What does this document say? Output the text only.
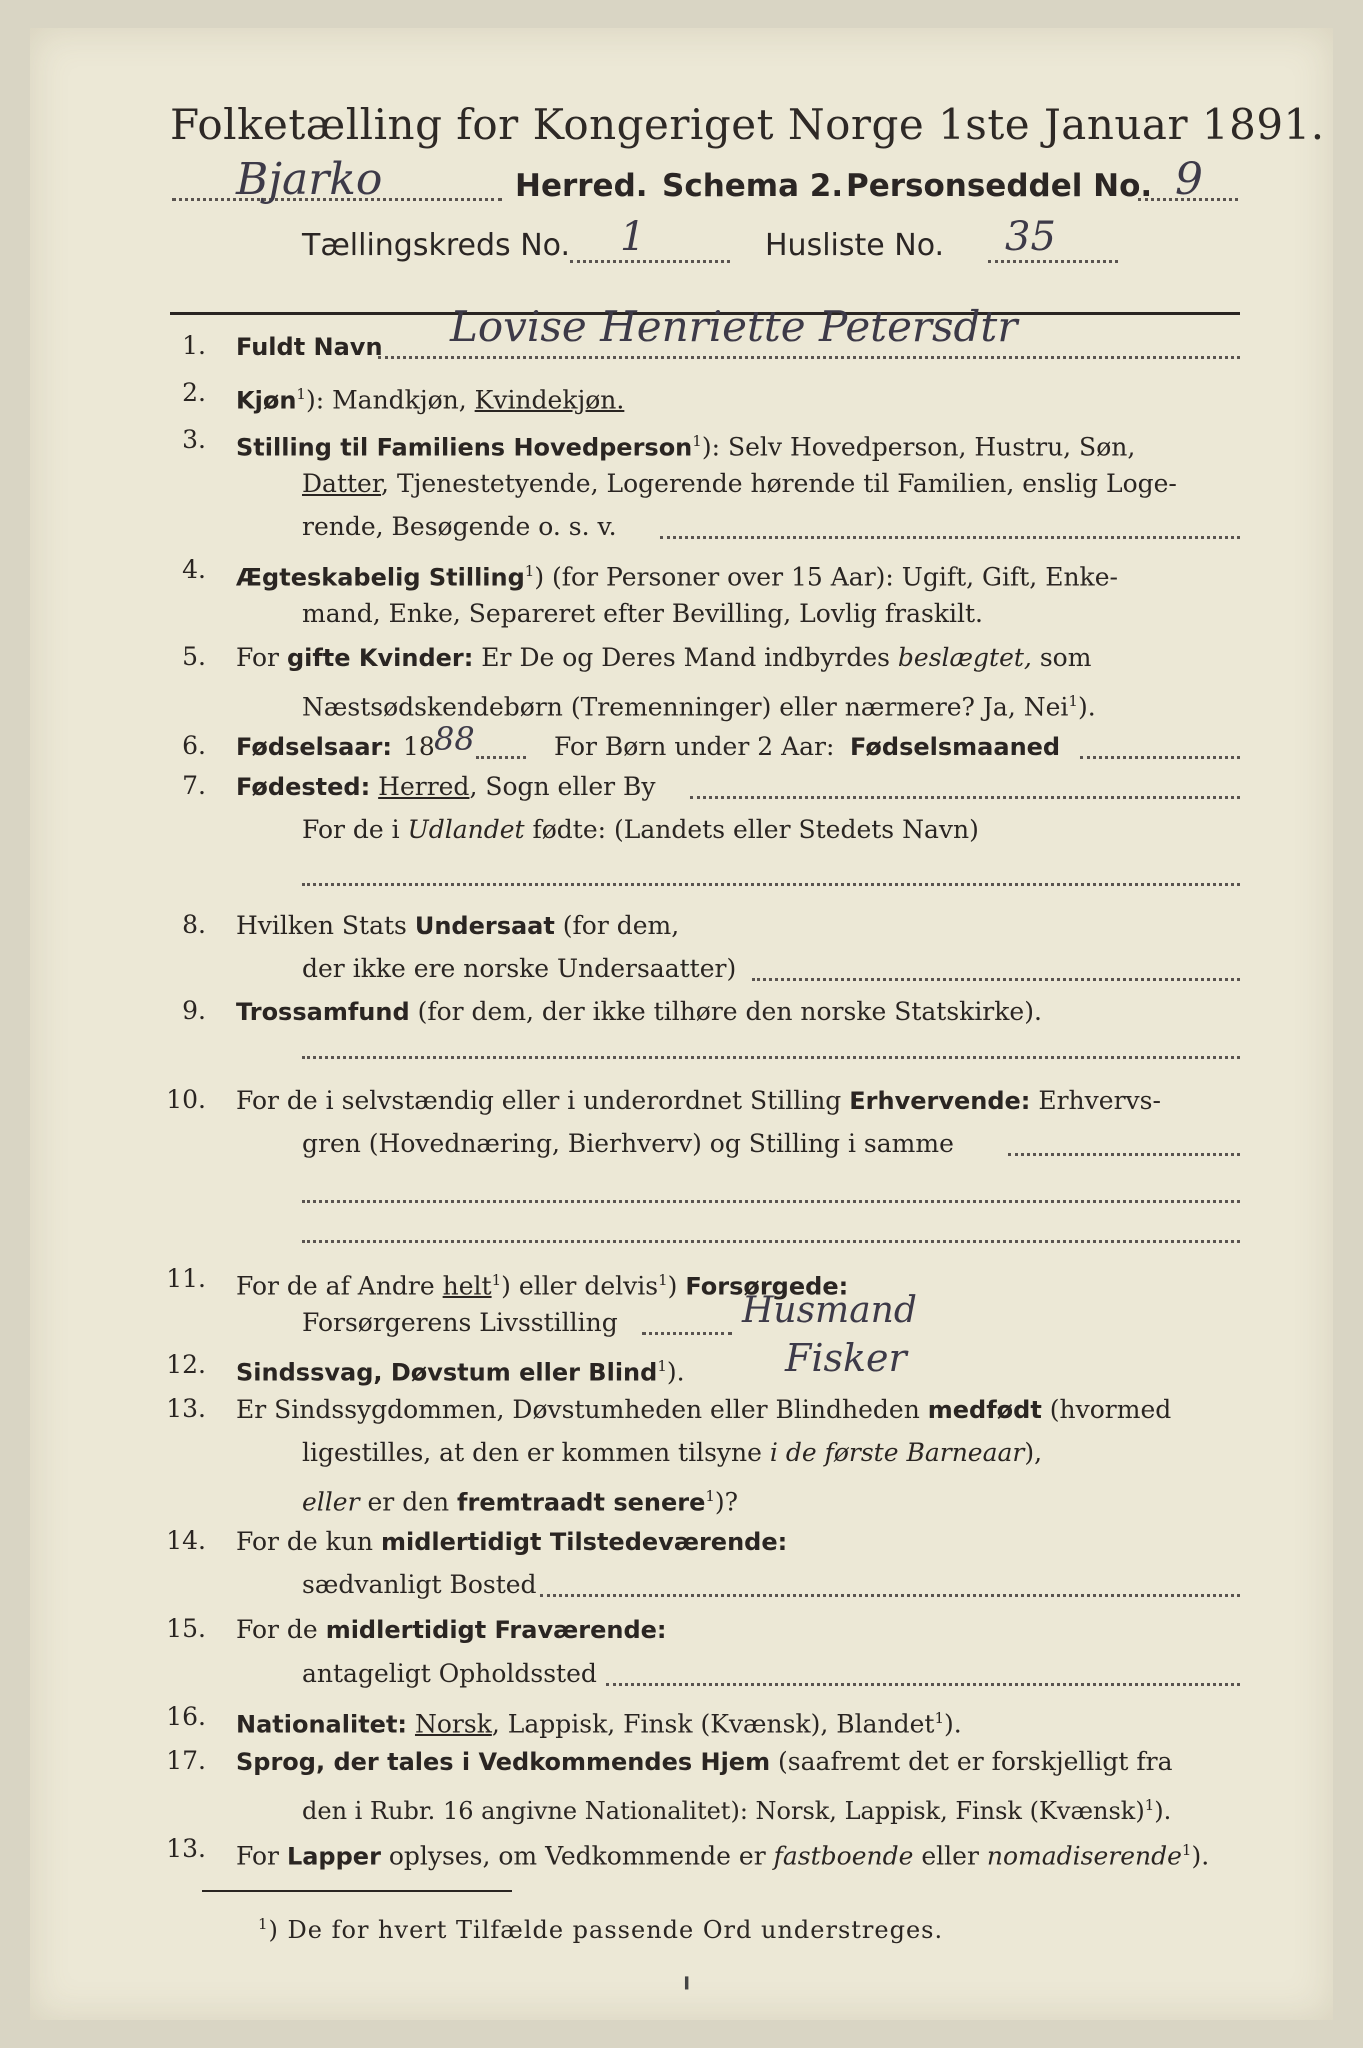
Folketælling for Kongeriget Norge 1ste Januar 1891.
Bjarko	Herred. Schema 2. Personseddel No. 9
Tællingskreds No. 1	Husliste No. 35
1. Fuldt Navn Lovise Henriette Petersdtr
2. Kjøn$^1$): Mandkjøn, Kvindekjøn.
3. Stilling til Familiens Hovedperson$^1$): Selv Hovedperson, Hustru, Søn,
Datter, Tjenestetyende, Logerende hørende til Familien, enslig Loge-
rende, Besøgende o. s. v.
4. Ægteskabelig Stilling$^1$) (for Personer over 15 Aar): Ugift, Gift, Enke-
mand, Enke, Separeret efter Bevilling, Lovlig fraskilt.
5. For gifte Kvinder: Er De og Deres Mand indbyrdes beslægtet, som
Næstsødskendebørn (Tremenninger) eller nærmere? Ja, Nei$^1$).
6. Fødselsaar: 18 88	For Børn under 2 Aar: Fødselsmaaned
7. Fødested: Herred, Sogn eller By
For de i Udlandet fødte: (Landets eller Stedets Navn)
8. Hvilken Stats Undersaat (for dem,
der ikke ere norske Undersaatter)
9. Trossamfund (for dem, der ikke tilhøre den norske Statskirke).
10. For de i selvstændig eller i underordnet Stilling Erhvervende: Erhvervs-
gren (Hovednæring, Bierhverv) og Stilling i samme
11. For de af Andre helt$^1$) eller delvis$^1$) Forsørgede:
Forsørgerens Livsstilling	Husmand
12. Sindssvag, Døvstum eller Blind$^1$).	Fisker
13. Er Sindssygdommen, Døvstumheden eller Blindheden medfødt (hvormed
ligestilles, at den er kommen tilsyne i de første Barneaar),
eller er den fremtraadt senere$^1$)?
14. For de kun midlertidigt Tilstedeværende:
sædvanligt Bosted
15. For de midlertidigt Fraværende:
antageligt Opholdssted
16. Nationalitet: Norsk, Lappisk, Finsk (Kvænsk), Blandet$^1$).
17. Sprog, der tales i Vedkommendes Hjem (saafremt det er forskjelligt fra
den i Rubr. 16 angivne Nationalitet): Norsk, Lappisk, Finsk (Kvænsk)$^1$).
13. For Lapper oplyses, om Vedkommende er fastboende eller nomadiserende$^1$).
$^1$) De for hvert Tilfælde passende Ord understreges.
╹
